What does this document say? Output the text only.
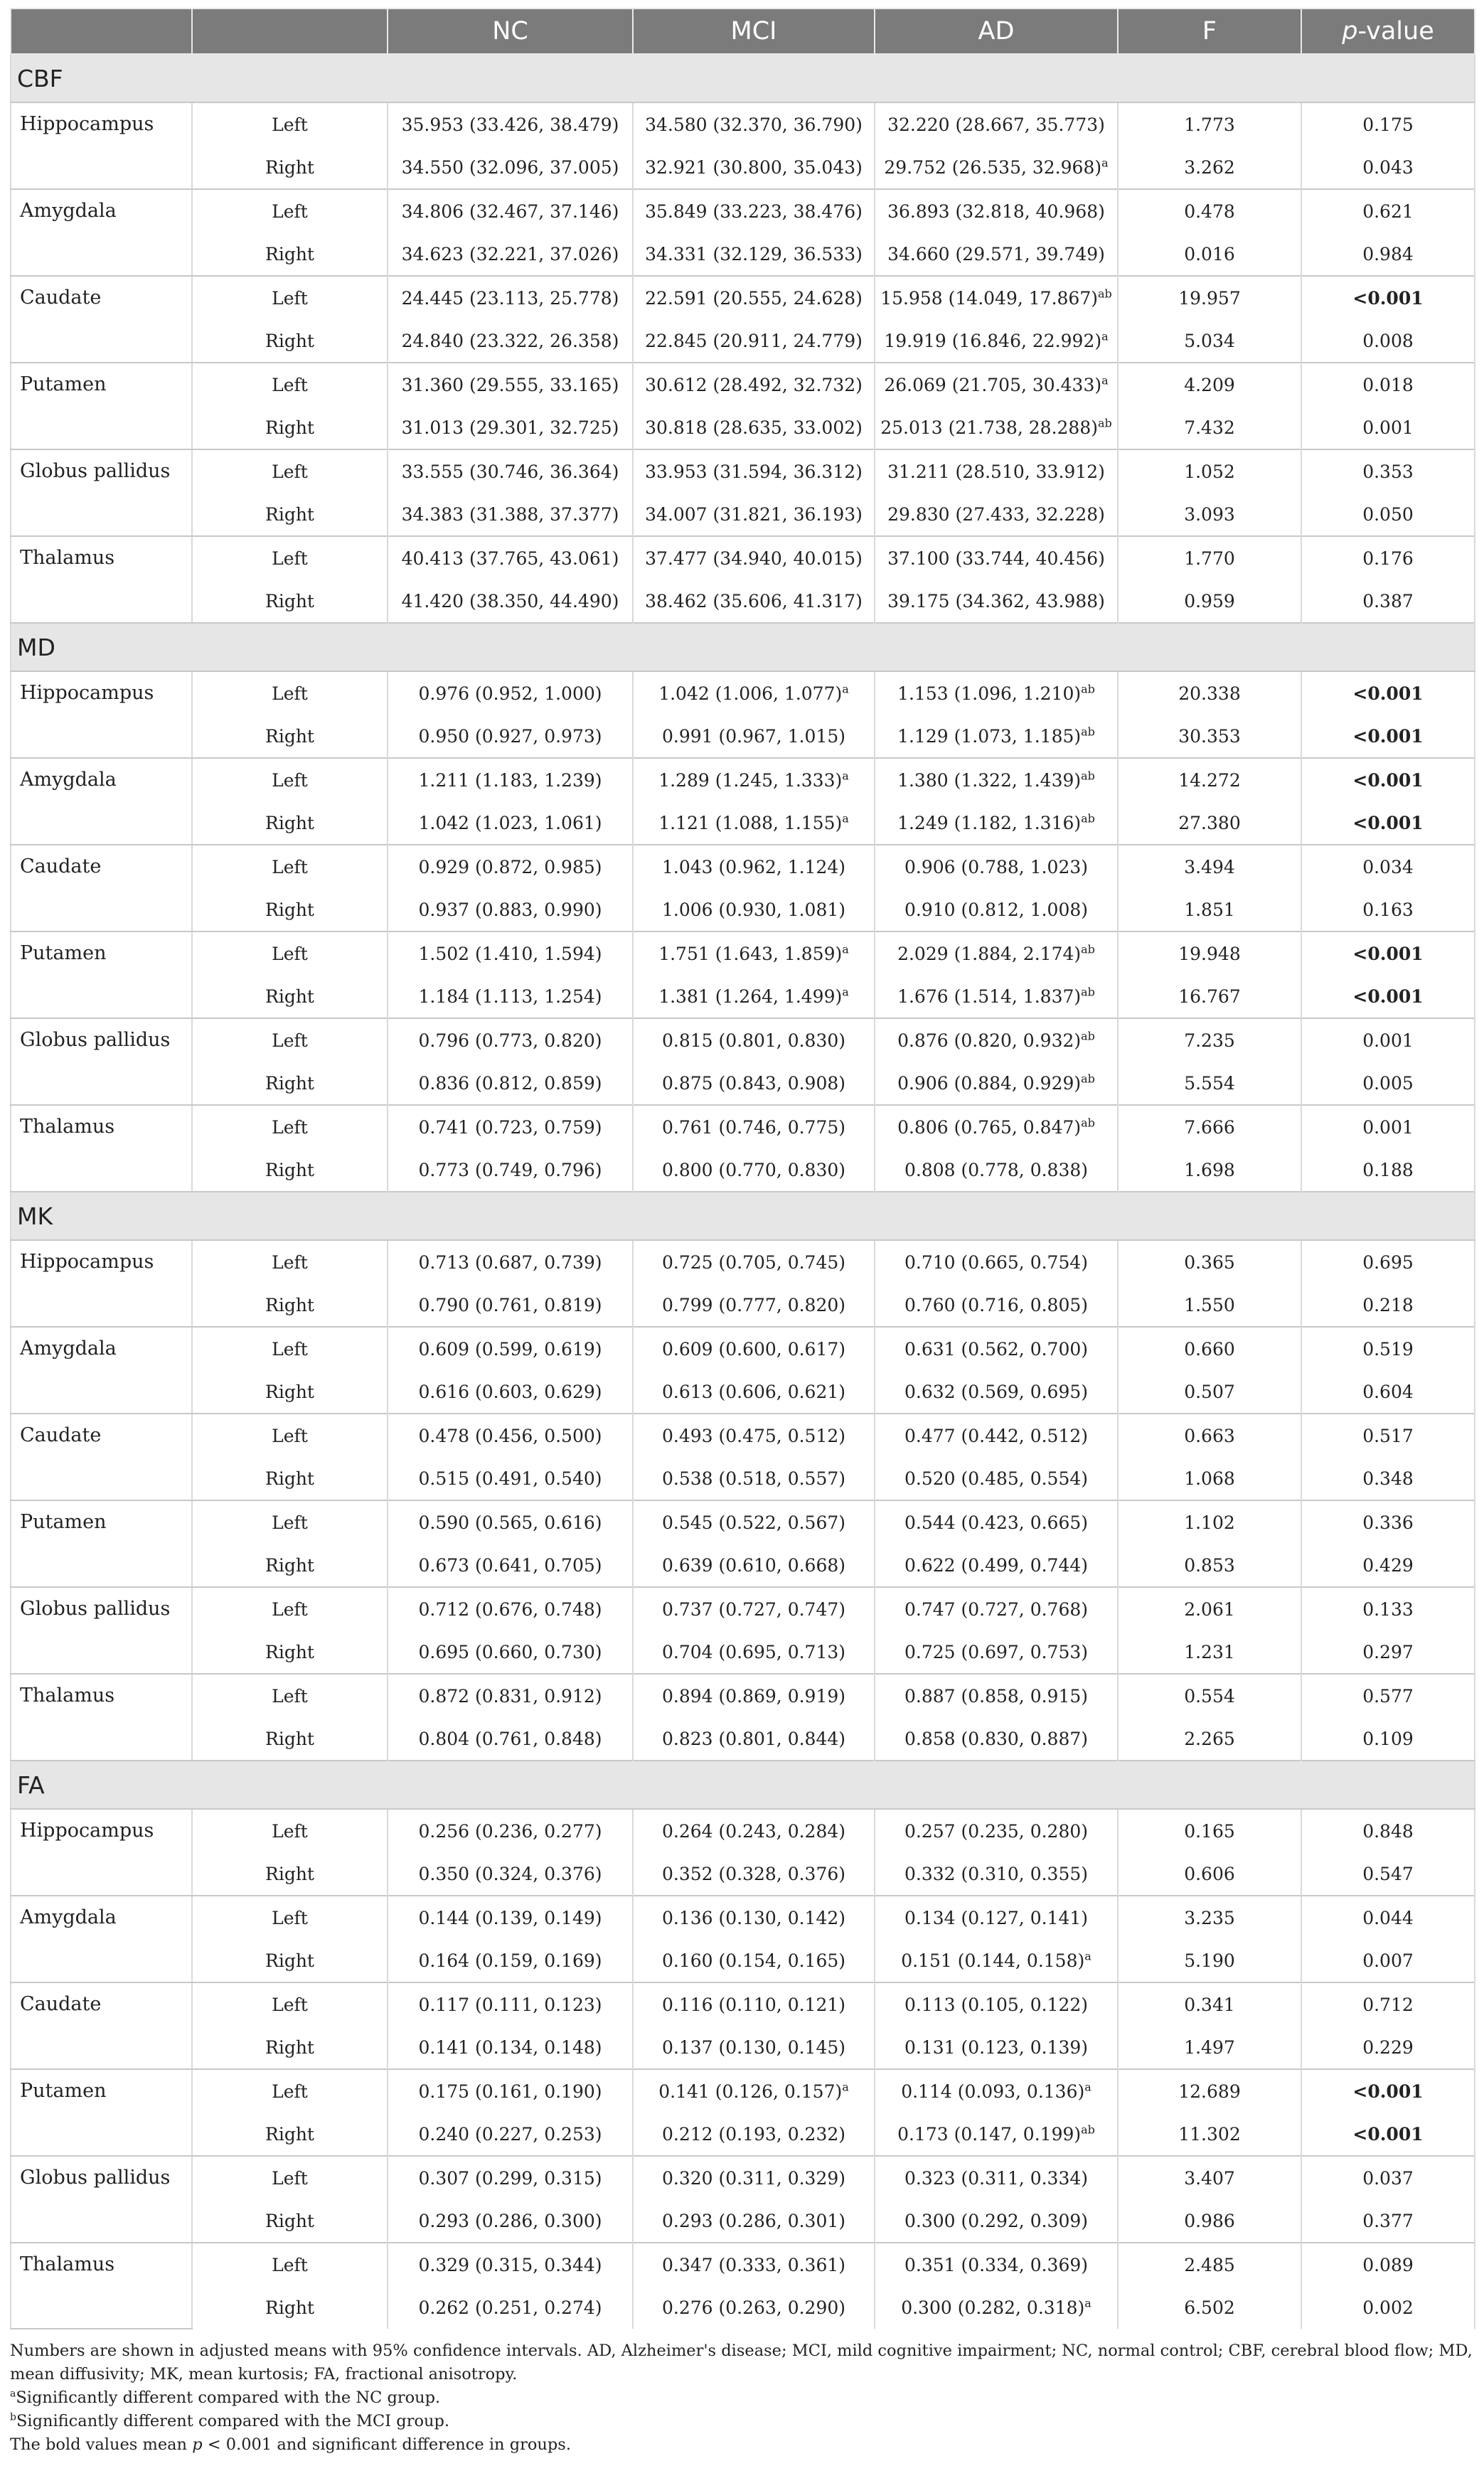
		NC	MCI	AD	F	p-value
CBF						
Hippocampus	Left	35.953 (33.426, 38.479)	34.580 (32.370, 36.790)	32.220 (28.667, 35.773)	1.773	0.175
	Right	34.550 (32.096, 37.005)	32.921 (30.800, 35.043)	29.752 (26.535, 32.968)$^a$	3.262	0.043
Amygdala	Left	34.806 (32.467, 37.146)	35.849 (33.223, 38.476)	36.893 (32.818, 40.968)	0.478	0.621
	Right	34.623 (32.221, 37.026)	34.331 (32.129, 36.533)	34.660 (29.571, 39.749)	0.016	0.984
Caudate	Left	24.445 (23.113, 25.778)	22.591 (20.555, 24.628)	15.958 (14.049, 17.867)$^{ab}$	19.957	<0.001
	Right	24.840 (23.322, 26.358)	22.845 (20.911, 24.779)	19.919 (16.846, 22.992)$^a$	5.034	0.008
Putamen	Left	31.360 (29.555, 33.165)	30.612 (28.492, 32.732)	26.069 (21.705, 30.433)$^a$	4.209	0.018
	Right	31.013 (29.301, 32.725)	30.818 (28.635, 33.002)	25.013 (21.738, 28.288)$^{ab}$	7.432	0.001
Globus pallidus	Left	33.555 (30.746, 36.364)	33.953 (31.594, 36.312)	31.211 (28.510, 33.912)	1.052	0.353
	Right	34.383 (31.388, 37.377)	34.007 (31.821, 36.193)	29.830 (27.433, 32.228)	3.093	0.050
Thalamus	Left	40.413 (37.765, 43.061)	37.477 (34.940, 40.015)	37.100 (33.744, 40.456)	1.770	0.176
	Right	41.420 (38.350, 44.490)	38.462 (35.606, 41.317)	39.175 (34.362, 43.988)	0.959	0.387
MD						
Hippocampus	Left	0.976 (0.952, 1.000)	1.042 (1.006, 1.077)$^a$	1.153 (1.096, 1.210)$^{ab}$	20.338	<0.001
	Right	0.950 (0.927, 0.973)	0.991 (0.967, 1.015)	1.129 (1.073, 1.185)$^{ab}$	30.353	<0.001
Amygdala	Left	1.211 (1.183, 1.239)	1.289 (1.245, 1.333)$^a$	1.380 (1.322, 1.439)$^{ab}$	14.272	<0.001
	Right	1.042 (1.023, 1.061)	1.121 (1.088, 1.155)$^a$	1.249 (1.182, 1.316)$^{ab}$	27.380	<0.001
Caudate	Left	0.929 (0.872, 0.985)	1.043 (0.962, 1.124)	0.906 (0.788, 1.023)	3.494	0.034
	Right	0.937 (0.883, 0.990)	1.006 (0.930, 1.081)	0.910 (0.812, 1.008)	1.851	0.163
Putamen	Left	1.502 (1.410, 1.594)	1.751 (1.643, 1.859)$^a$	2.029 (1.884, 2.174)$^{ab}$	19.948	<0.001
	Right	1.184 (1.113, 1.254)	1.381 (1.264, 1.499)$^a$	1.676 (1.514, 1.837)$^{ab}$	16.767	<0.001
Globus pallidus	Left	0.796 (0.773, 0.820)	0.815 (0.801, 0.830)	0.876 (0.820, 0.932)$^{ab}$	7.235	0.001
	Right	0.836 (0.812, 0.859)	0.875 (0.843, 0.908)	0.906 (0.884, 0.929)$^{ab}$	5.554	0.005
Thalamus	Left	0.741 (0.723, 0.759)	0.761 (0.746, 0.775)	0.806 (0.765, 0.847)$^{ab}$	7.666	0.001
	Right	0.773 (0.749, 0.796)	0.800 (0.770, 0.830)	0.808 (0.778, 0.838)	1.698	0.188
MK						
Hippocampus	Left	0.713 (0.687, 0.739)	0.725 (0.705, 0.745)	0.710 (0.665, 0.754)	0.365	0.695
	Right	0.790 (0.761, 0.819)	0.799 (0.777, 0.820)	0.760 (0.716, 0.805)	1.550	0.218
Amygdala	Left	0.609 (0.599, 0.619)	0.609 (0.600, 0.617)	0.631 (0.562, 0.700)	0.660	0.519
	Right	0.616 (0.603, 0.629)	0.613 (0.606, 0.621)	0.632 (0.569, 0.695)	0.507	0.604
Caudate	Left	0.478 (0.456, 0.500)	0.493 (0.475, 0.512)	0.477 (0.442, 0.512)	0.663	0.517
	Right	0.515 (0.491, 0.540)	0.538 (0.518, 0.557)	0.520 (0.485, 0.554)	1.068	0.348
Putamen	Left	0.590 (0.565, 0.616)	0.545 (0.522, 0.567)	0.544 (0.423, 0.665)	1.102	0.336
	Right	0.673 (0.641, 0.705)	0.639 (0.610, 0.668)	0.622 (0.499, 0.744)	0.853	0.429
Globus pallidus	Left	0.712 (0.676, 0.748)	0.737 (0.727, 0.747)	0.747 (0.727, 0.768)	2.061	0.133
	Right	0.695 (0.660, 0.730)	0.704 (0.695, 0.713)	0.725 (0.697, 0.753)	1.231	0.297
Thalamus	Left	0.872 (0.831, 0.912)	0.894 (0.869, 0.919)	0.887 (0.858, 0.915)	0.554	0.577
	Right	0.804 (0.761, 0.848)	0.823 (0.801, 0.844)	0.858 (0.830, 0.887)	2.265	0.109
FA						
Hippocampus	Left	0.256 (0.236, 0.277)	0.264 (0.243, 0.284)	0.257 (0.235, 0.280)	0.165	0.848
	Right	0.350 (0.324, 0.376)	0.352 (0.328, 0.376)	0.332 (0.310, 0.355)	0.606	0.547
Amygdala	Left	0.144 (0.139, 0.149)	0.136 (0.130, 0.142)	0.134 (0.127, 0.141)	3.235	0.044
	Right	0.164 (0.159, 0.169)	0.160 (0.154, 0.165)	0.151 (0.144, 0.158)$^a$	5.190	0.007
Caudate	Left	0.117 (0.111, 0.123)	0.116 (0.110, 0.121)	0.113 (0.105, 0.122)	0.341	0.712
	Right	0.141 (0.134, 0.148)	0.137 (0.130, 0.145)	0.131 (0.123, 0.139)	1.497	0.229
Putamen	Left	0.175 (0.161, 0.190)	0.141 (0.126, 0.157)$^a$	0.114 (0.093, 0.136)$^a$	12.689	<0.001
	Right	0.240 (0.227, 0.253)	0.212 (0.193, 0.232)	0.173 (0.147, 0.199)$^{ab}$	11.302	<0.001
Globus pallidus	Left	0.307 (0.299, 0.315)	0.320 (0.311, 0.329)	0.323 (0.311, 0.334)	3.407	0.037
	Right	0.293 (0.286, 0.300)	0.293 (0.286, 0.301)	0.300 (0.292, 0.309)	0.986	0.377
Thalamus	Left	0.329 (0.315, 0.344)	0.347 (0.333, 0.361)	0.351 (0.334, 0.369)	2.485	0.089
	Right	0.262 (0.251, 0.274)	0.276 (0.263, 0.290)	0.300 (0.282, 0.318)$^a$	6.502	0.002

Numbers are shown in adjusted means with 95% confidence intervals. AD, Alzheimer's disease; MCI, mild cognitive impairment; NC, normal control; CBF, cerebral blood flow; MD, mean diffusivity; MK, mean kurtosis; FA, fractional anisotropy.

$^a$Significantly different compared with the NC group.

$^b$Significantly different compared with the MCI group.

The bold values mean p < 0.001 and significant difference in groups.
